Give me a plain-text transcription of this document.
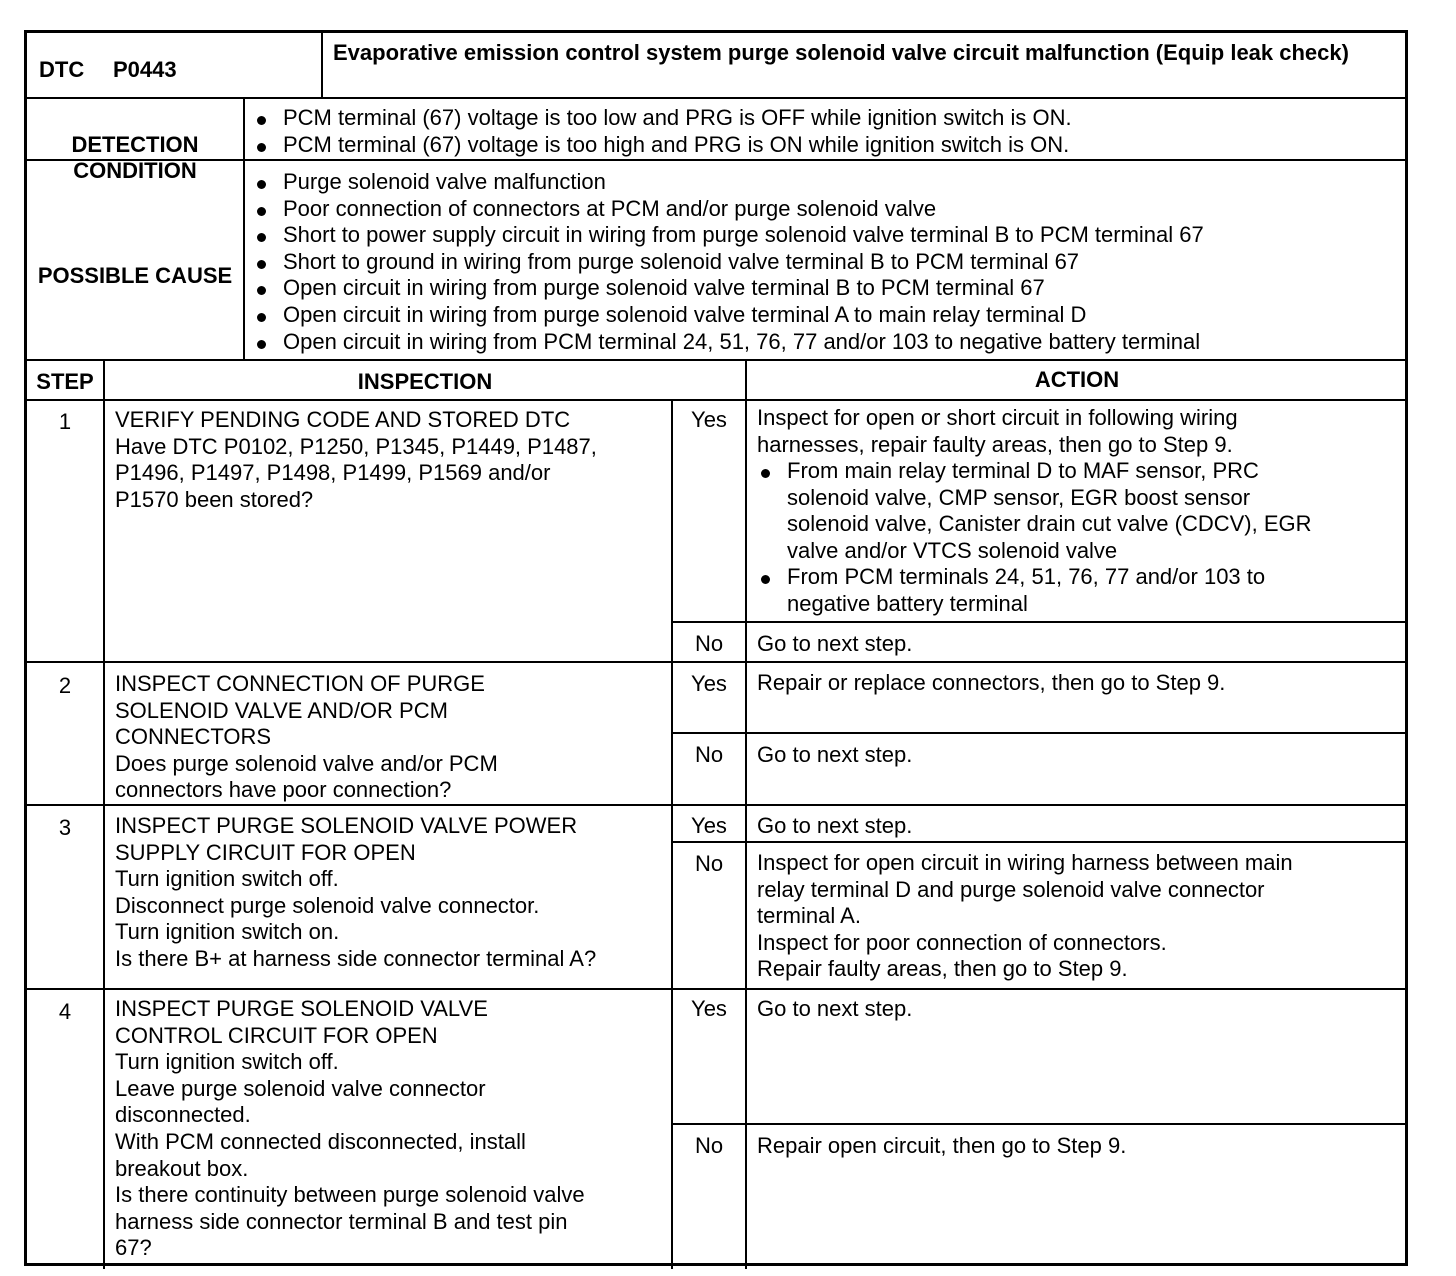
DTC P0443
Evaporative emission control system purge solenoid valve circuit malfunction (Equip leak check)

DETECTION CONDITION

PCM terminal (67) voltage is too low and PRG is OFF while ignition switch is ON.
PCM terminal (67) voltage is too high and PRG is ON while ignition switch is ON.

POSSIBLE CAUSE

Purge solenoid valve malfunction
Poor connection of connectors at PCM and/or purge solenoid valve
Short to power supply circuit in wiring from purge solenoid valve terminal B to PCM terminal 67
Short to ground in wiring from purge solenoid valve terminal B to PCM terminal 67
Open circuit in wiring from purge solenoid valve terminal B to PCM terminal 67
Open circuit in wiring from purge solenoid valve terminal A to main relay terminal D
Open circuit in wiring from PCM terminal 24, 51, 76, 77 and/or 103 to negative battery terminal
STEP	INSPECTION	ACTION
1	VERIFY PENDING CODE AND STORED DTC
Have DTC P0102, P1250, P1345, P1449, P1487,
P1496, P1497, P1498, P1499, P1569 and/or
P1570 been stored?
Yes	Inspect for open or short circuit in following wiring
harnesses, repair faulty areas, then go to Step 9.
From main relay terminal D to MAF sensor, PRC
solenoid valve, CMP sensor, EGR boost sensor
solenoid valve, Canister drain cut valve (CDCV), EGR
valve and/or VTCS solenoid valve
From PCM terminals 24, 51, 76, 77 and/or 103 to
negative battery terminal
No	Go to next step.
2	INSPECT CONNECTION OF PURGE
SOLENOID VALVE AND/OR PCM
CONNECTORS
Does purge solenoid valve and/or PCM
connectors have poor connection?
Yes	Repair or replace connectors, then go to Step 9.
No	Go to next step.
3	INSPECT PURGE SOLENOID VALVE POWER
SUPPLY CIRCUIT FOR OPEN
Turn ignition switch off.
Disconnect purge solenoid valve connector.
Turn ignition switch on.
Is there B+ at harness side connector terminal A?
Yes	Go to next step.
No	Inspect for open circuit in wiring harness between main
relay terminal D and purge solenoid valve connector
terminal A.
Inspect for poor connection of connectors.
Repair faulty areas, then go to Step 9.
4	INSPECT PURGE SOLENOID VALVE
CONTROL CIRCUIT FOR OPEN
Turn ignition switch off.
Leave purge solenoid valve connector
disconnected.
With PCM connected disconnected, install
breakout box.
Is there continuity between purge solenoid valve
harness side connector terminal B and test pin
67?
Yes	Go to next step.
No	Repair open circuit, then go to Step 9.
